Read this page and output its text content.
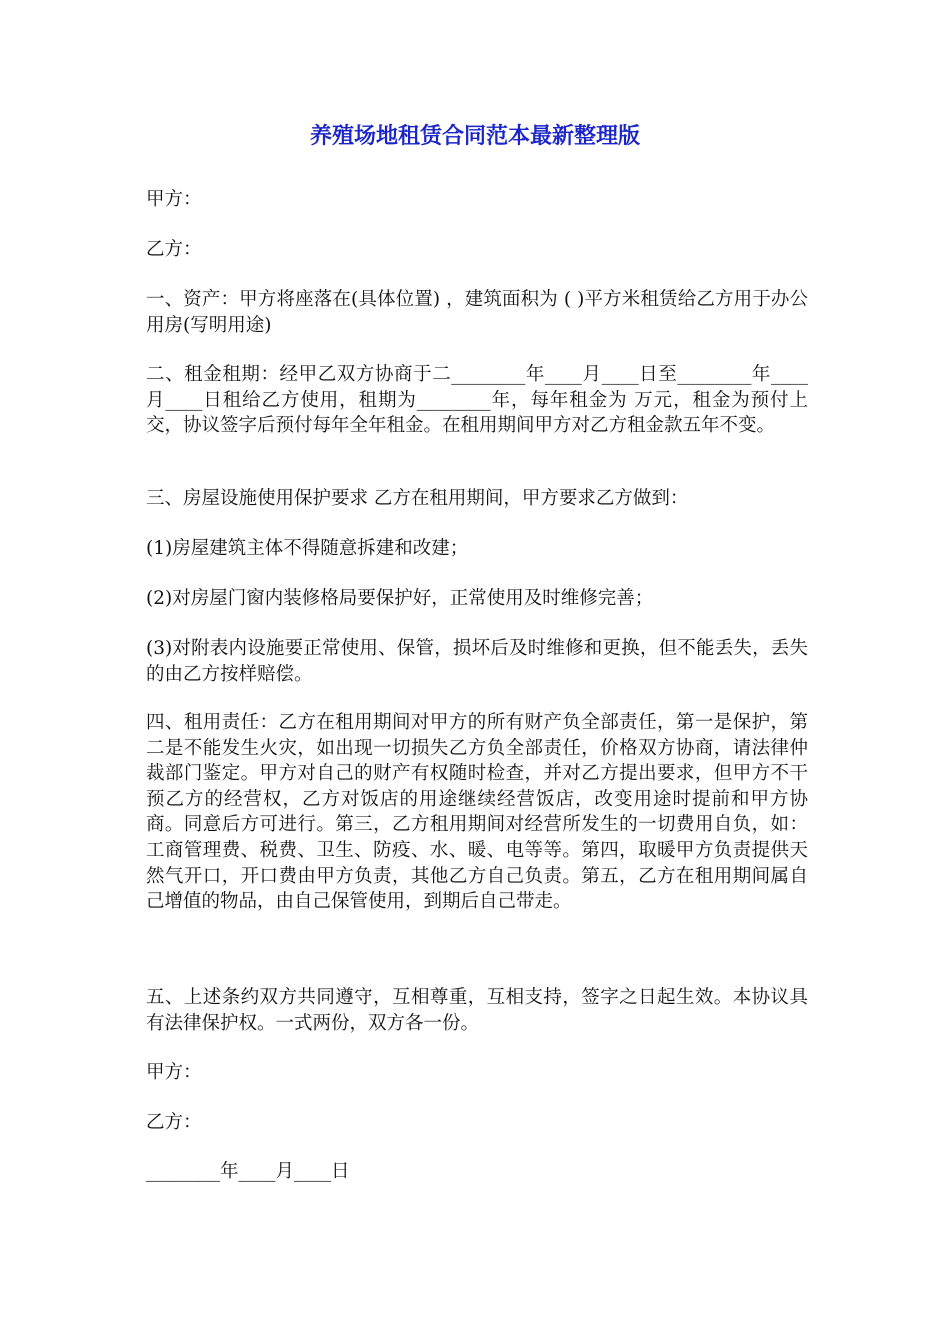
养殖场地租赁合同范本最新整理版

甲方：

乙方：

一、资产：甲方将座落在(具体位置) ，建筑面积为 ( )平方米租赁给乙方用于办公用房(写明用途)

二、租金租期：经甲乙双方协商于二________年____月____日至________年____月____日租给乙方使用，租期为________年，每年租金为 万元，租金为预付上交，协议签字后预付每年全年租金。在租用期间甲方对乙方租金款五年不变。

三、房屋设施使用保护要求 乙方在租用期间，甲方要求乙方做到：

(1)房屋建筑主体不得随意拆建和改建；

(2)对房屋门窗内装修格局要保护好，正常使用及时维修完善；

(3)对附表内设施要正常使用、保管，损坏后及时维修和更换，但不能丢失，丢失的由乙方按样赔偿。

四、租用责任：乙方在租用期间对甲方的所有财产负全部责任，第一是保护，第二是不能发生火灾，如出现一切损失乙方负全部责任，价格双方协商，请法律仲裁部门鉴定。甲方对自己的财产有权随时检查，并对乙方提出要求，但甲方不干预乙方的经营权，乙方对饭店的用途继续经营饭店，改变用途时提前和甲方协商。同意后方可进行。第三，乙方租用期间对经营所发生的一切费用自负，如：工商管理费、税费、卫生、防疫、水、暖、电等等。第四，取暖甲方负责提供天然气开口，开口费由甲方负责，其他乙方自己负责。第五，乙方在租用期间属自己增值的物品，由自己保管使用，到期后自己带走。

五、上述条约双方共同遵守，互相尊重，互相支持，签字之日起生效。本协议具有法律保护权。一式两份，双方各一份。

甲方：

乙方：

________年____月____日
